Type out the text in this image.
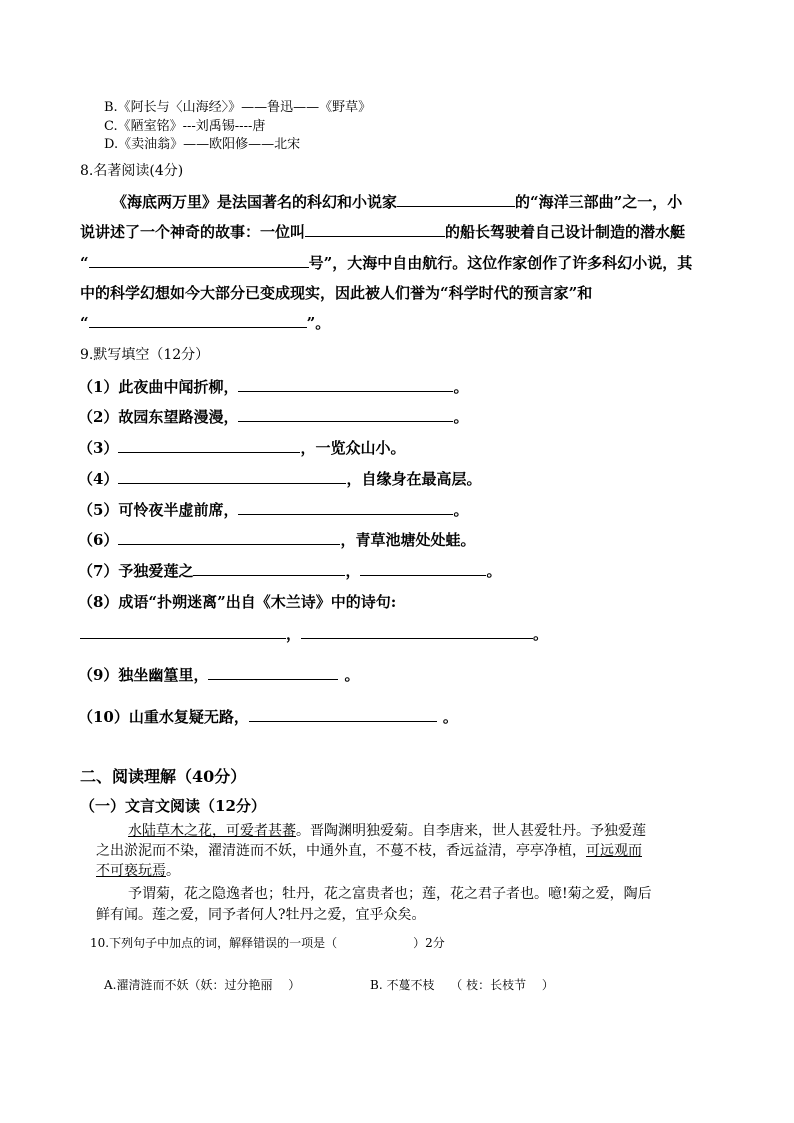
B.《阿长与〈山海经〉》——鲁迅——《野草》
C.《陋室铭》---刘禹锡----唐
D.《卖油翁》——欧阳修——北宋
8.名著阅读(4分)
《海底两万里》是法国著名的科幻和小说家	的“海洋三部曲”之一，小
说讲述了一个神奇的故事：一位叫	的船长驾驶着自己设计制造的潜水艇
“	号”，大海中自由航行。这位作家创作了许多科幻小说，其
中的科学幻想如今大部分已变成现实，因此被人们誉为“科学时代的预言家”和
“	”。
9.默写填空（12分）
（1）此夜曲中闻折柳，	。
（2）故园东望路漫漫，	。
（3）	，一览众山小。
（4）	，自缘身在最高层。
（5）可怜夜半虚前席，	。
（6）	，青草池塘处处蛙。
（7）予独爱莲之	，	。
（8）成语“扑朔迷离”出自《木兰诗》中的诗句:
，	。
（9）独坐幽篁里，	。
（10）山重水复疑无路，	。
二、阅读理解（40分）
（一）文言文阅读（12分）
水陆草木之花，可爱者甚蕃。晋陶渊明独爱菊。自李唐来，世人甚爱牡丹。予独爱莲
之出淤泥而不染，濯清涟而不妖，中通外直，不蔓不枝，香远益清，亭亭净植，可远观而
不可亵玩焉。
予谓菊，花之隐逸者也；牡丹，花之富贵者也；莲，花之君子者也。噫!菊之爱，陶后
鲜有闻。莲之爱，同予者何人?牡丹之爱，宜乎众矣。
10.下列句子中加点的词，解释错误的一项是（	）2分
A.濯清涟而不妖（妖：过分艳丽　 ）	B. 不蔓不枝　 （ 枝：长枝节　 ）
